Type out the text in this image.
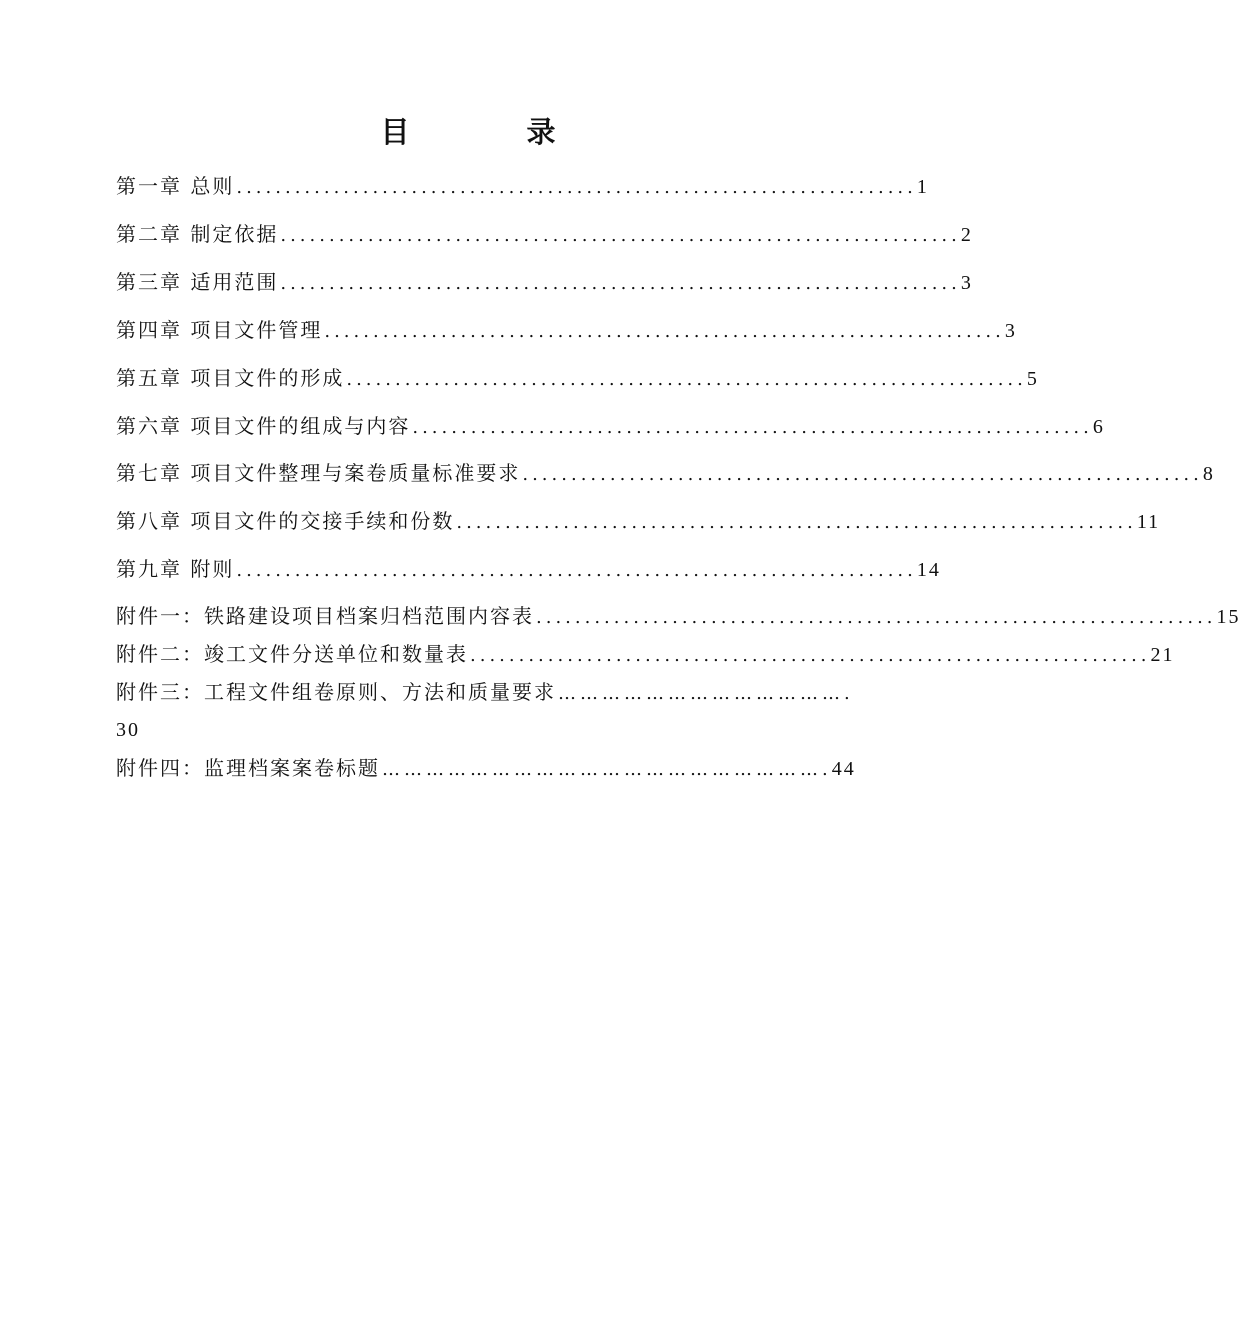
目　录
第一章 总则 ...................................................................... 1
第二章 制定依据 ...................................................................... 2
第三章 适用范围 ...................................................................... 3
第四章 项目文件管理 ...................................................................... 3
第五章 项目文件的形成 ...................................................................... 5
第六章 项目文件的组成与内容 ...................................................................... 6
第七章 项目文件整理与案卷质量标准要求 ...................................................................... 8
第八章 项目文件的交接手续和份数 ...................................................................... 11
第九章 附则 ...................................................................... 14
附件一：铁路建设项目档案归档范围内容表 ...................................................................... 15
附件二：竣工文件分送单位和数量表 ...................................................................... 21
附件三：工程文件组卷原则、方法和质量要求 ………………………………….
30
附件四：监理档案案卷标题 ……………………………………………………. 44
